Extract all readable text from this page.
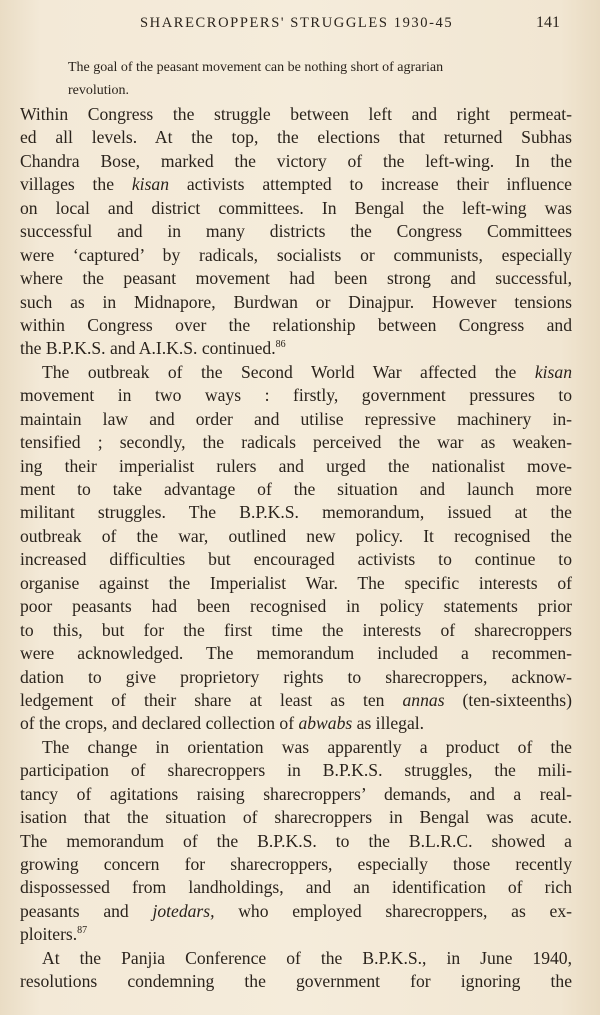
SHARECROPPERS' STRUGGLES 1930-45	141
The goal of the peasant movement can be nothing short of agrarian
revolution.
Within Congress the struggle between left and right permeat-
ed all levels. At the top, the elections that returned Subhas
Chandra Bose, marked the victory of the left-wing. In the
villages the kisan activists attempted to increase their influence
on local and district committees. In Bengal the left-wing was
successful and in many districts the Congress Committees
were ‘captured’ by radicals, socialists or communists, especially
where the peasant movement had been strong and successful,
such as in Midnapore, Burdwan or Dinajpur. However tensions
within Congress over the relationship between Congress and
the B.P.K.S. and A.I.K.S. continued.$^{86}$
The outbreak of the Second World War affected the kisan
movement in two ways : firstly, government pressures to
maintain law and order and utilise repressive machinery in-
tensified ; secondly, the radicals perceived the war as weaken-
ing their imperialist rulers and urged the nationalist move-
ment to take advantage of the situation and launch more
militant struggles. The B.P.K.S. memorandum, issued at the
outbreak of the war, outlined new policy. It recognised the
increased difficulties but encouraged activists to continue to
organise against the Imperialist War. The specific interests of
poor peasants had been recognised in policy statements prior
to this, but for the first time the interests of sharecroppers
were acknowledged. The memorandum included a recommen-
dation to give proprietory rights to sharecroppers, acknow-
ledgement of their share at least as ten annas (ten-sixteenths)
of the crops, and declared collection of abwabs as illegal.
The change in orientation was apparently a product of the
participation of sharecroppers in B.P.K.S. struggles, the mili-
tancy of agitations raising sharecroppers’ demands, and a real-
isation that the situation of sharecroppers in Bengal was acute.
The memorandum of the B.P.K.S. to the B.L.R.C. showed a
growing concern for sharecroppers, especially those recently
dispossessed from landholdings, and an identification of rich
peasants and jotedars, who employed sharecroppers, as ex-
ploiters.$^{87}$
At the Panjia Conference of the B.P.K.S., in June 1940,
resolutions condemning the government for ignoring the
